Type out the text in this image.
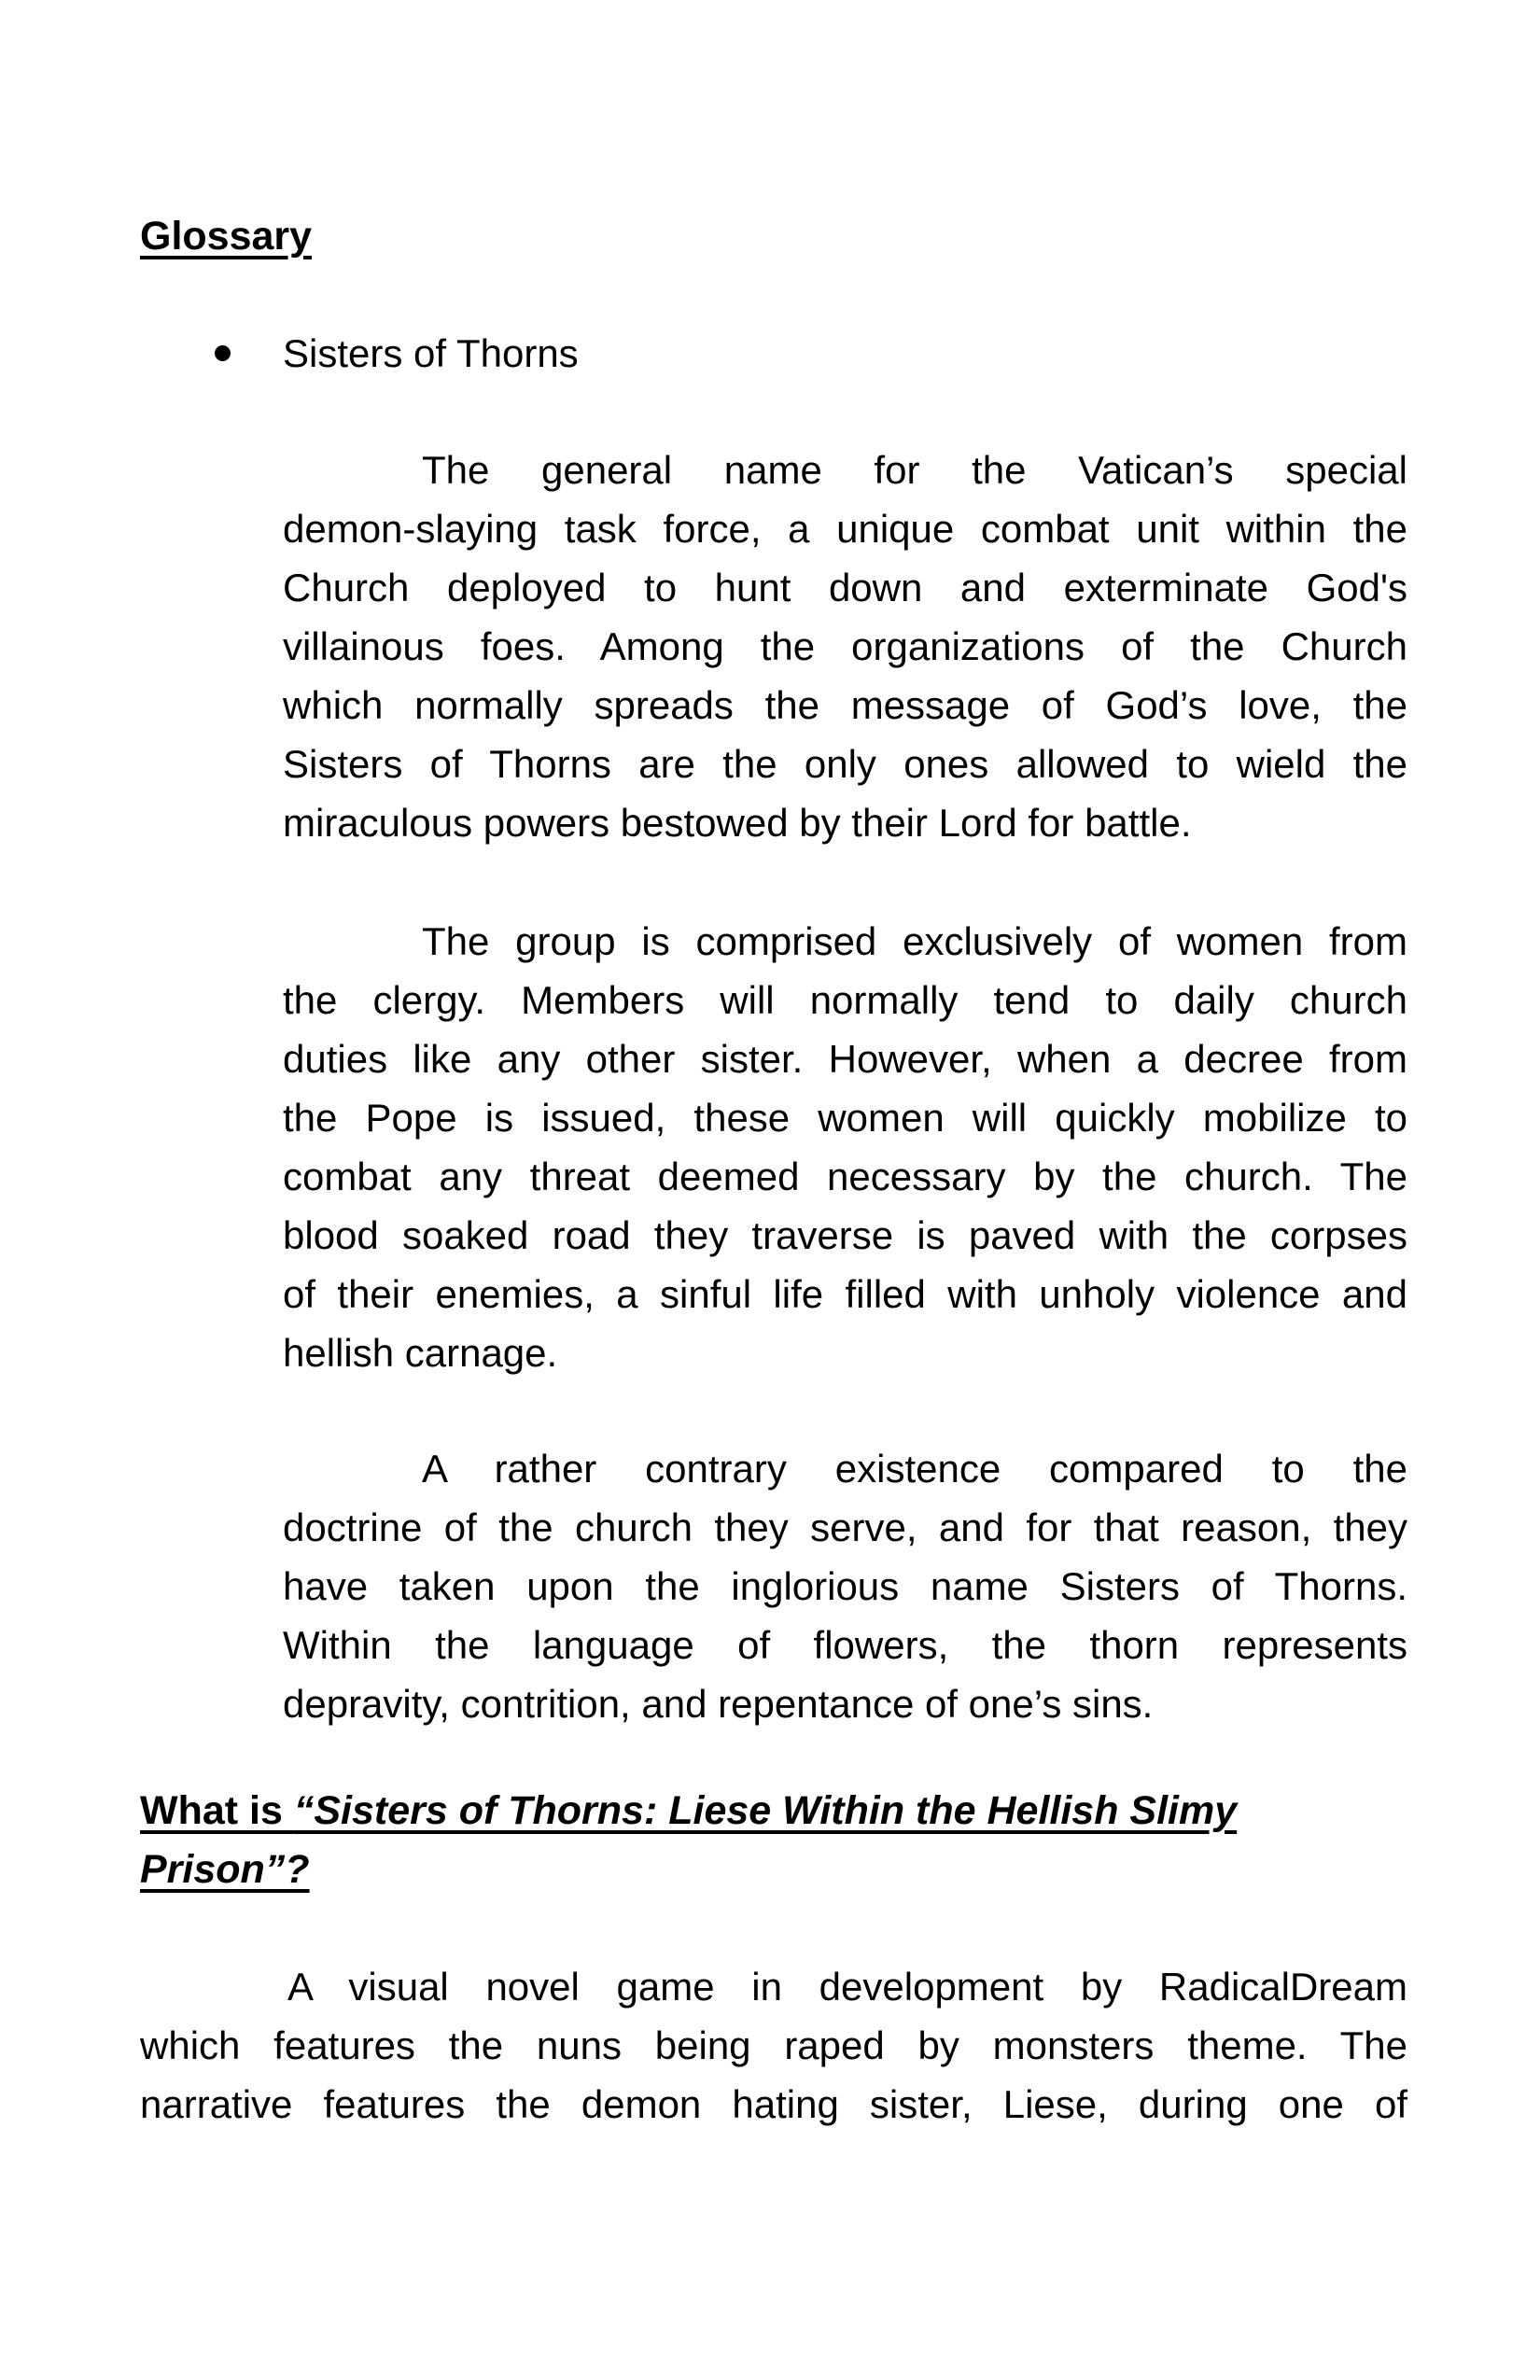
Glossary
Sisters of Thorns
The general name for the Vatican’s special
demon-slaying task force, a unique combat unit within the
Church deployed to hunt down and exterminate God's
villainous foes. Among the organizations of the Church
which normally spreads the message of God’s love, the
Sisters of Thorns are the only ones allowed to wield the
miraculous powers bestowed by their Lord for battle.
The group is comprised exclusively of women from
the clergy. Members will normally tend to daily church
duties like any other sister. However, when a decree from
the Pope is issued, these women will quickly mobilize to
combat any threat deemed necessary by the church. The
blood soaked road they traverse is paved with the corpses
of their enemies, a sinful life filled with unholy violence and
hellish carnage.
A rather contrary existence compared to the
doctrine of the church they serve, and for that reason, they
have taken upon the inglorious name Sisters of Thorns.
Within the language of flowers, the thorn represents
depravity, contrition, and repentance of one’s sins.
What is “Sisters of Thorns: Liese Within the Hellish Slimy
Prison”?
A visual novel game in development by RadicalDream
which features the nuns being raped by monsters theme. The
narrative features the demon hating sister, Liese, during one of
